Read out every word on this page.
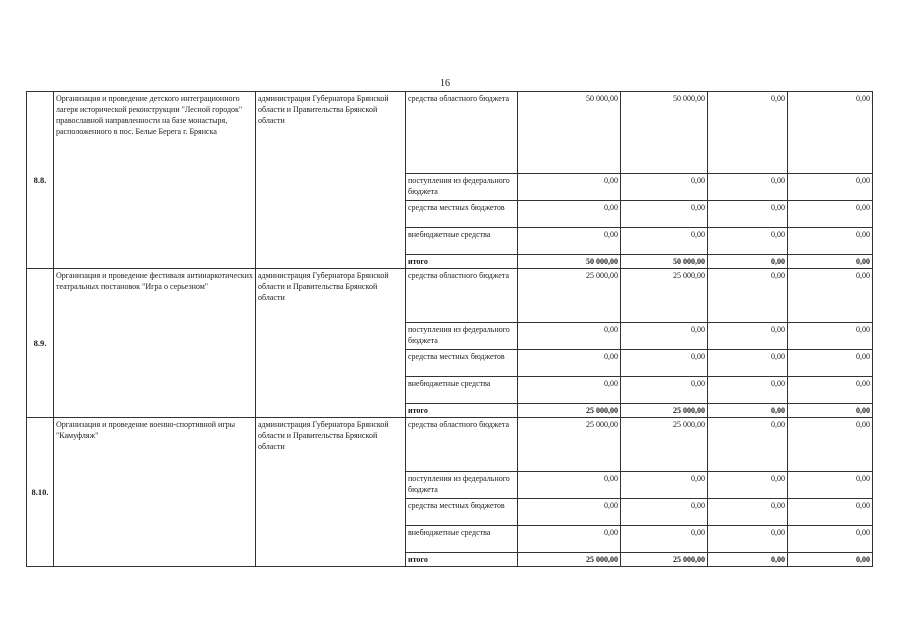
16
8.8.	Организация и проведение детского интеграционного лагеря исторической реконструкции "Лесной городок" православной направленности на базе монастыря, расположенного в пос. Белые Берега г. Брянска	администрация Губернатора Брянской области и Правительства Брянской области	средства областного бюджета	50 000,00	50 000,00	0,00	0,00
			поступления из федерального бюджета	0,00	0,00	0,00	0,00
			средства местных бюджетов	0,00	0,00	0,00	0,00
			внебюджетные средства	0,00	0,00	0,00	0,00
			итого	50 000,00	50 000,00	0,00	0,00
8.9.	Организация и проведение фестиваля антинаркотических театральных постановок "Игра о серьезном"	администрация Губернатора Брянской области и Правительства Брянской области	средства областного бюджета	25 000,00	25 000,00	0,00	0,00
			поступления из федерального бюджета	0,00	0,00	0,00	0,00
			средства местных бюджетов	0,00	0,00	0,00	0,00
			внебюджетные средства	0,00	0,00	0,00	0,00
			итого	25 000,00	25 000,00	0,00	0,00
8.10.	Организация и проведение военно-спортивной игры "Камуфляж"	администрация Губернатора Брянской области и Правительства Брянской области	средства областного бюджета	25 000,00	25 000,00	0,00	0,00
			поступления из федерального бюджета	0,00	0,00	0,00	0,00
			средства местных бюджетов	0,00	0,00	0,00	0,00
			внебюджетные средства	0,00	0,00	0,00	0,00
			итого	25 000,00	25 000,00	0,00	0,00
